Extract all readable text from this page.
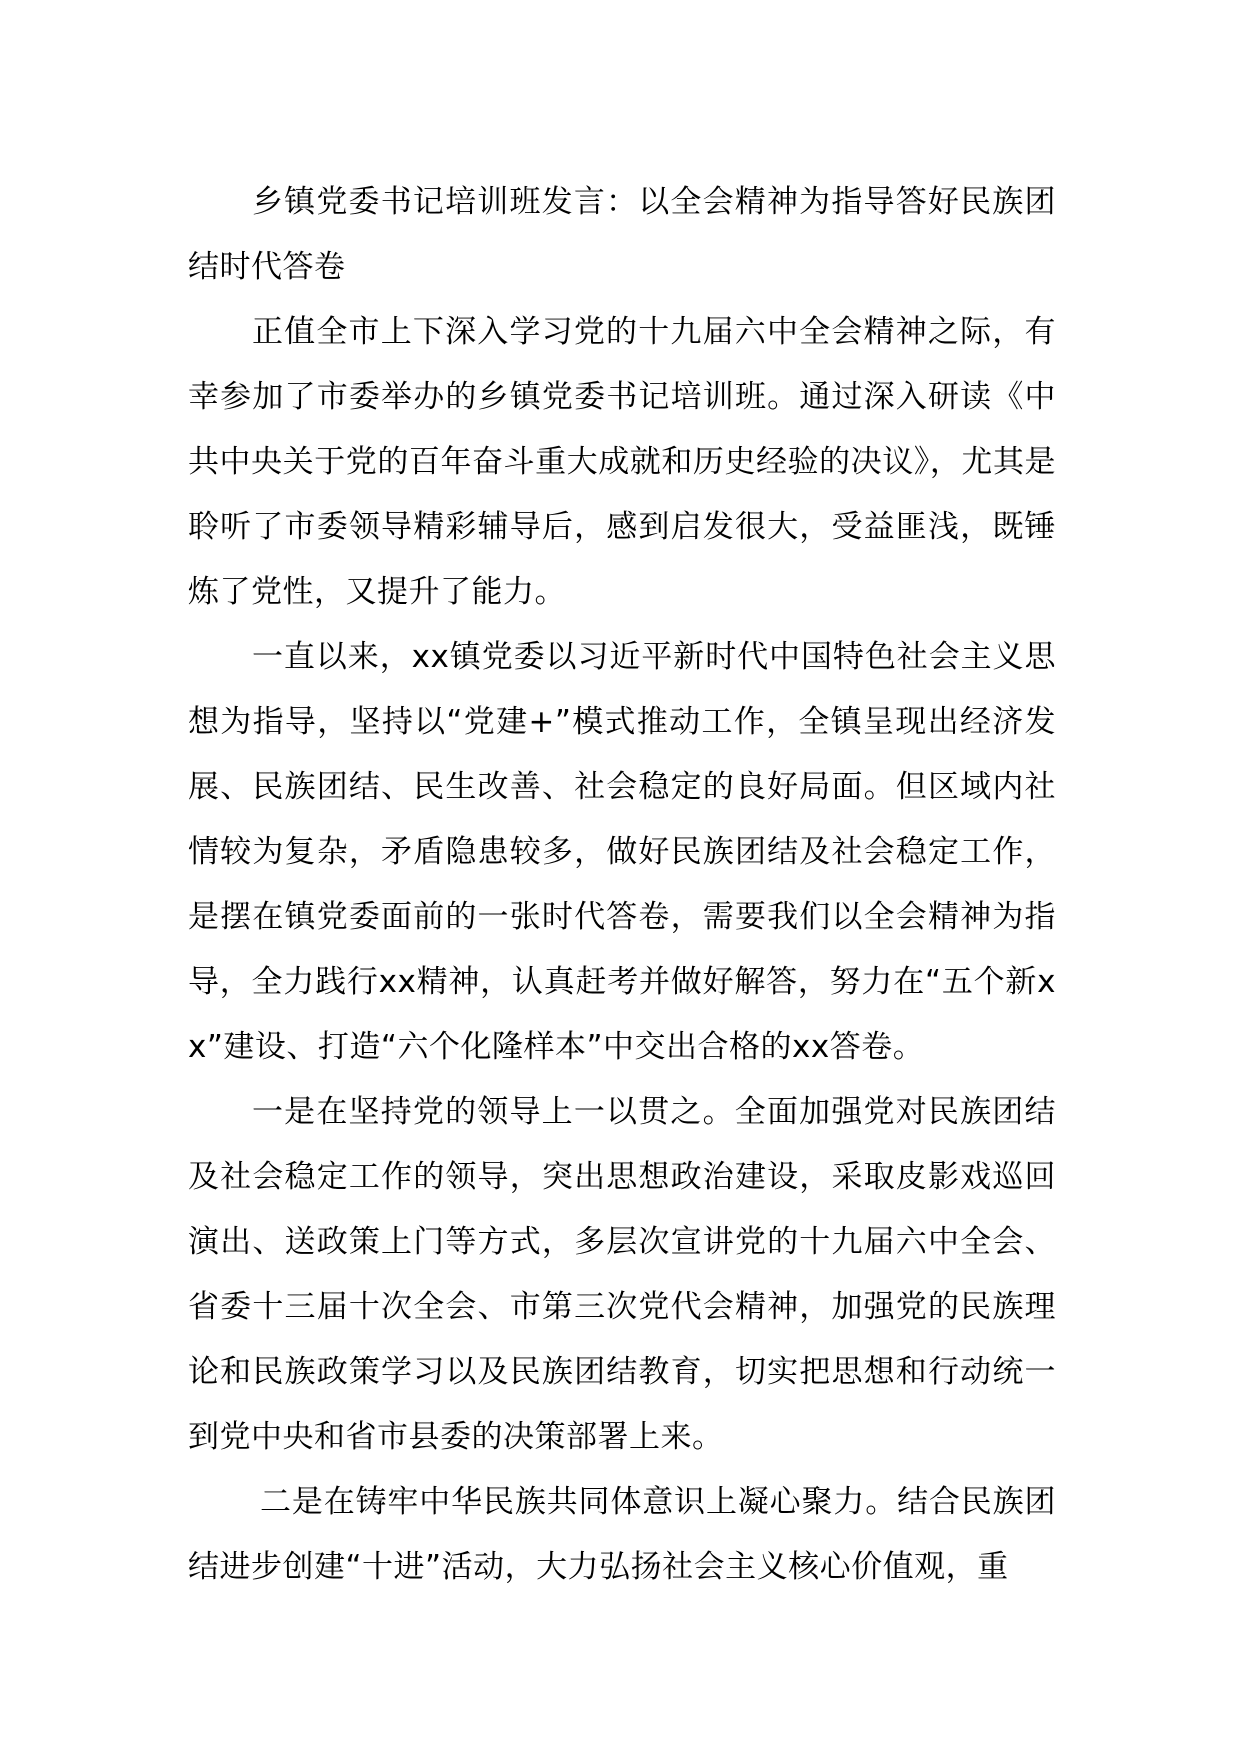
乡镇党委书记培训班发言：以全会精神为指导答好民族团结时代答卷

正值全市上下深入学习党的十九届六中全会精神之际，有幸参加了市委举办的乡镇党委书记培训班。通过深入研读《中共中央关于党的百年奋斗重大成就和历史经验的决议》，尤其是聆听了市委领导精彩辅导后，感到启发很大，受益匪浅，既锤炼了党性，又提升了能力。

一直以来，xx镇党委以习近平新时代中国特色社会主义思想为指导，坚持以“党建+”模式推动工作，全镇呈现出经济发展、民族团结、民生改善、社会稳定的良好局面。但区域内社情较为复杂，矛盾隐患较多，做好民族团结及社会稳定工作，是摆在镇党委面前的一张时代答卷，需要我们以全会精神为指导，全力践行xx精神，认真赶考并做好解答，努力在“五个新xx”建设、打造“六个化隆样本”中交出合格的xx答卷。

一是在坚持党的领导上一以贯之。全面加强党对民族团结及社会稳定工作的领导，突出思想政治建设，采取皮影戏巡回演出、送政策上门等方式，多层次宣讲党的十九届六中全会、省委十三届十次全会、市第三次党代会精神，加强党的民族理论和民族政策学习以及民族团结教育，切实把思想和行动统一到党中央和省市县委的决策部署上来。

二是在铸牢中华民族共同体意识上凝心聚力。结合民族团结进步创建“十进”活动，大力弘扬社会主义核心价值观，重
